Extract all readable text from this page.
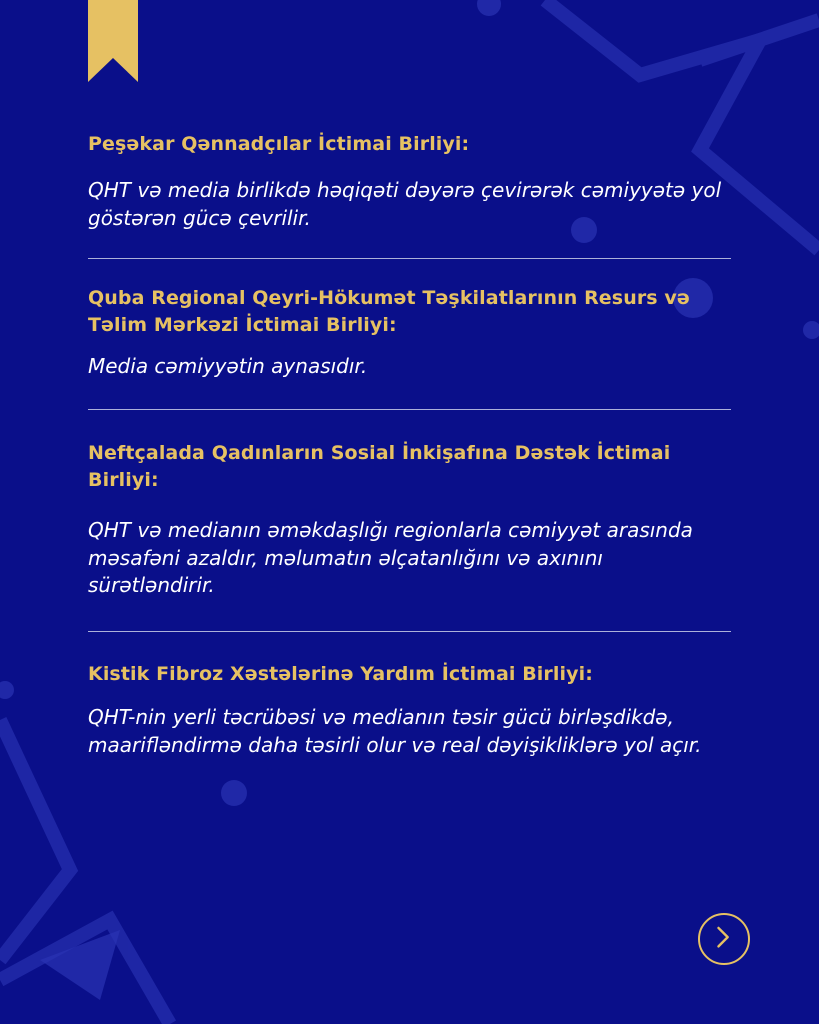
Peşəkar Qənnadçılar İctimai Birliyi:

QHT və media birlikdə həqiqəti dəyərə çevirərək cəmiyyətə yol göstərən gücə çevrilir.

Quba Regional Qeyri-Hökumət Təşkilatlarının Resurs və Təlim Mərkəzi İctimai Birliyi:

Media cəmiyyətin aynasıdır.

Neftçalada Qadınların Sosial İnkişafına Dəstək İctimai Birliyi:

QHT və medianın əməkdaşlığı regionlarla cəmiyyət arasında məsafəni azaldır, məlumatın əlçatanlığını və axınını sürətləndirir.

Kistik Fibroz Xəstələrinə Yardım İctimai Birliyi:

QHT-nin yerli təcrübəsi və medianın təsir gücü birləşdikdə, maarifləndirmə daha təsirli olur və real dəyişikliklərə yol açır.
